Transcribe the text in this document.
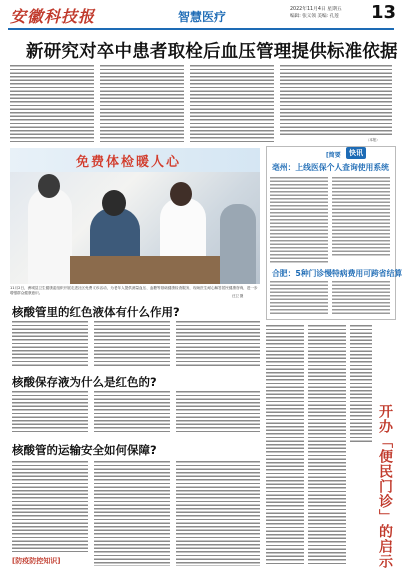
安徽科技报	智慧医疗
2022年11月4日 星期五
编辑: 张义领 美编: 孔莲 13
新研究对卒中患者取栓后血压管理提供标准依据
（本报）
免费体检暖人心
11月2日，洲城县卫生健康委组织开展走进社区免费义诊活动，为老年人提供测量血压、血糖等基础健康检查服务，现场医生耐心解答居民健康咨询，进一步增强群众健康意识。
汪卫 摄
核酸管里的红色液体有什么作用?
核酸保存液为什么是红色的?
核酸管的运输安全如何保障?
[防疫防控知识]
[简要	快讯
亳州：上线医保个人查询使用系统
合肥：5种门诊慢特病费用可跨省结算
开办「便民门诊」的启示
